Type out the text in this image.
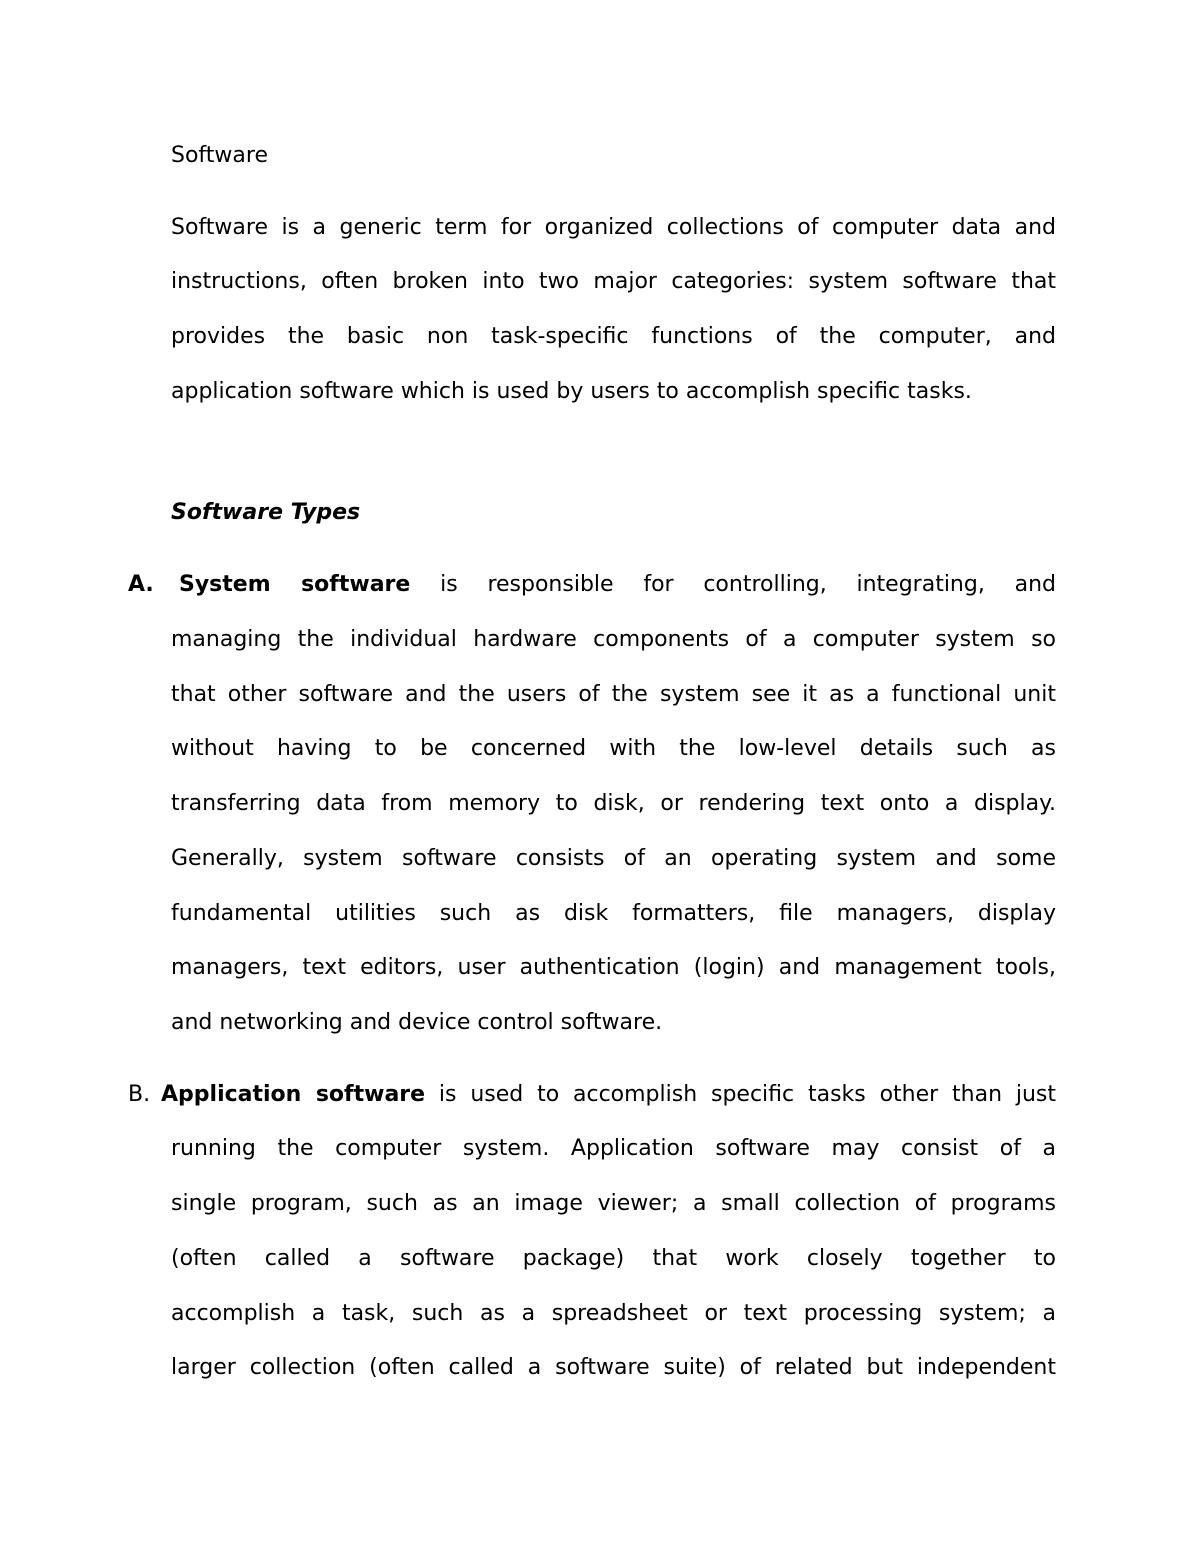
Software
Software is a generic term for organized collections of computer data and
instructions, often broken into two major categories: system software that
provides the basic non task-specific functions of the computer, and
application software which is used by users to accomplish specific tasks.
Software Types
A. System software is responsible for controlling, integrating, and
managing the individual hardware components of a computer system so
that other software and the users of the system see it as a functional unit
without having to be concerned with the low-level details such as
transferring data from memory to disk, or rendering text onto a display.
Generally, system software consists of an operating system and some
fundamental utilities such as disk formatters, file managers, display
managers, text editors, user authentication (login) and management tools,
and networking and device control software.
B. Application software is used to accomplish specific tasks other than just
running the computer system. Application software may consist of a
single program, such as an image viewer; a small collection of programs
(often called a software package) that work closely together to
accomplish a task, such as a spreadsheet or text processing system; a
larger collection (often called a software suite) of related but independent
